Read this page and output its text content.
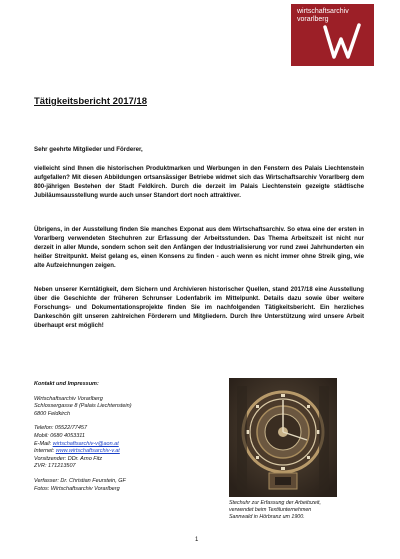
wirtschaftsarchiv
vorarlberg
Tätigkeitsbericht 2017/18
Sehr geehrte Mitglieder und Förderer,
vielleicht sind Ihnen die historischen Produktmarken und Werbungen in den Fenstern des Palais Liechtenstein aufgefallen? Mit diesen Abbildungen ortsansässiger Betriebe widmet sich das Wirtschaftsarchiv Vorarlberg dem 800-jährigen Bestehen der Stadt Feldkirch. Durch die derzeit im Palais Liechtenstein gezeigte städtische Jubiläumsausstellung wurde auch unser Standort dort noch attraktiver.
Übrigens, in der Ausstellung finden Sie manches Exponat aus dem Wirtschaftsarchiv. So etwa eine der ersten in Vorarlberg verwendeten Stechuhren zur Erfassung der Arbeitsstunden. Das Thema Arbeitszeit ist nicht nur derzeit in aller Munde, sondern schon seit den Anfängen der Industrialisierung vor rund zwei Jahrhunderten ein heißer Streitpunkt. Meist gelang es, einen Konsens zu finden - auch wenn es nicht immer ohne Streik ging, wie alte Aufzeichnungen zeigen.
Neben unserer Kerntätigkeit, dem Sichern und Archivieren historischer Quellen, stand 2017/18 eine Ausstellung über die Geschichte der früheren Schrunser Lodenfabrik im Mittelpunkt. Details dazu sowie über weitere Forschungs- und Dokumentationsprojekte finden Sie im nachfolgenden Tätigkeitsbericht. Ein herzliches Dankeschön gilt unseren zahlreichen Förderern und Mitgliedern. Durch Ihre Unterstützung wird unsere Arbeit überhaupt erst möglich!
Kontakt und Impressum:
Wirtschaftsarchiv Vorarlberg
Schlossergasse 8 (Palais Liechtenstein)
6800 Feldkirch
Telefon: 05522/77457
Mobil: 0680 4053311
E-Mail: wirtschaftsarchiv-v@aon.at
Internet: www.wirtschaftsarchiv-v.at
Vorsitzender: DDr. Arno Fitz
ZVR: 171213507
Verfasser: Dr. Christian Feurstein, GF
Fotos: Wirtschaftsarchiv Vorarlberg
Stechuhr zur Erfassung der Arbeitszeit,
verwendet beim Textilunternehmen
Sannwald in Hörbranz um 1900.
1
